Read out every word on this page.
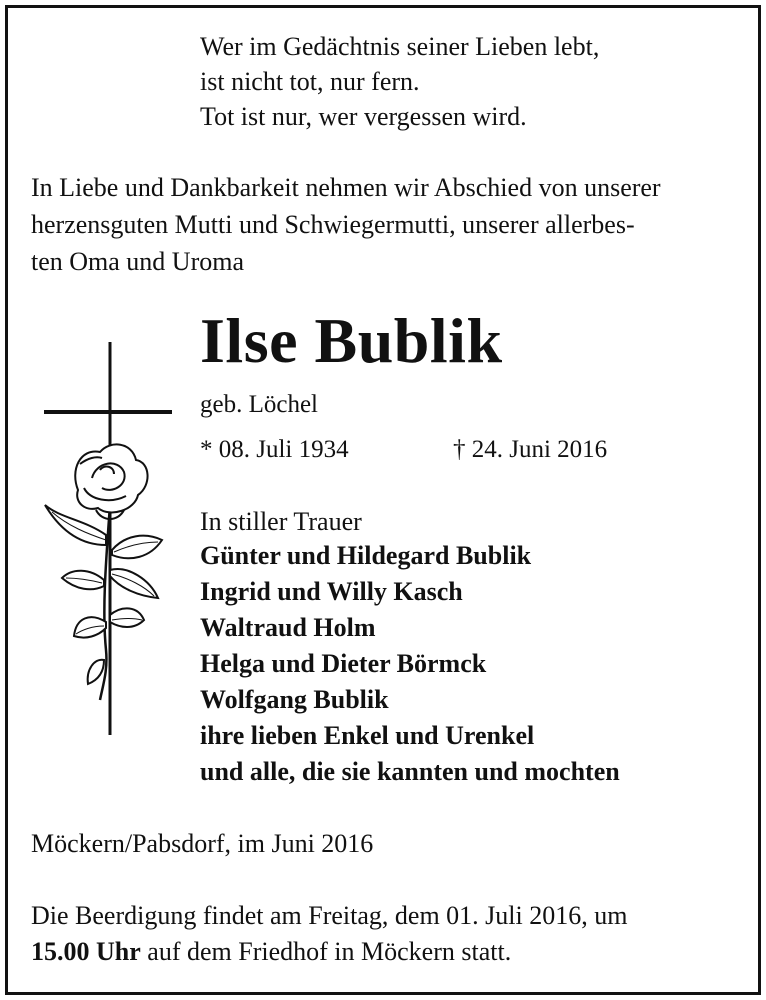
Wer im Gedächtnis seiner Lieben lebt,
ist nicht tot, nur fern.
Tot ist nur, wer vergessen wird.
In Liebe und Dankbarkeit nehmen wir Abschied von unserer
herzensguten Mutti und Schwiegermutti, unserer allerbes-
ten Oma und Uroma
Ilse Bublik
geb. Löchel
* 08. Juli 1934	† 24. Juni 2016
In stiller Trauer
Günter und Hildegard Bublik
Ingrid und Willy Kasch
Waltraud Holm
Helga und Dieter Börmck
Wolfgang Bublik
ihre lieben Enkel und Urenkel
und alle, die sie kannten und mochten
Möckern/Pabsdorf, im Juni 2016
Die Beerdigung findet am Freitag, dem 01. Juli 2016, um
15.00 Uhr auf dem Friedhof in Möckern statt.
